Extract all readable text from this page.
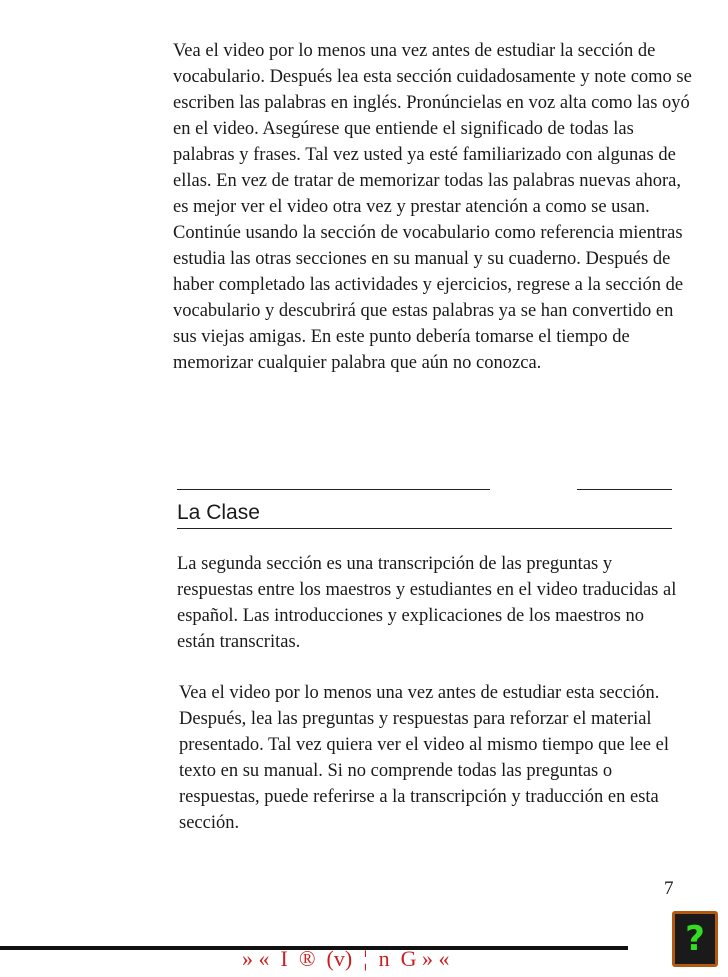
Vea el video por lo menos una vez antes de estudiar la sección de vocabulario. Después lea esta sección cuidadosamente y note como se escriben las palabras en inglés. Pronúncielas en voz alta como las oyó en el video. Asegúrese que entiende el significado de todas las palabras y frases. Tal vez usted ya esté familiarizado con algunas de ellas. En vez de tratar de memorizar todas las palabras nuevas ahora, es mejor ver el video otra vez y prestar atención a como se usan. Continúe usando la sección de vocabulario como referencia mientras estudia las otras secciones en su manual y su cuaderno. Después de haber completado las actividades y ejercicios, regrese a la sección de vocabulario y descubrirá que estas palabras ya se han convertido en sus viejas amigas. En este punto debería tomarse el tiempo de memorizar cualquier palabra que aún no conozca.

La Clase

La segunda sección es una transcripción de las preguntas y respuestas entre los maestros y estudiantes en el video traducidas al español. Las introducciones y explicaciones de los maestros no están transcritas.

Vea el video por lo menos una vez antes de estudiar esta sección. Después, lea las preguntas y respuestas para reforzar el material presentado. Tal vez quiera ver el video al mismo tiempo que lee el texto en su manual. Si no comprende todas las preguntas o respuestas, puede referirse a la transcripción y traducción en esta sección.

7
» «  I  ®  (v)  ¦  n  G » «	?
